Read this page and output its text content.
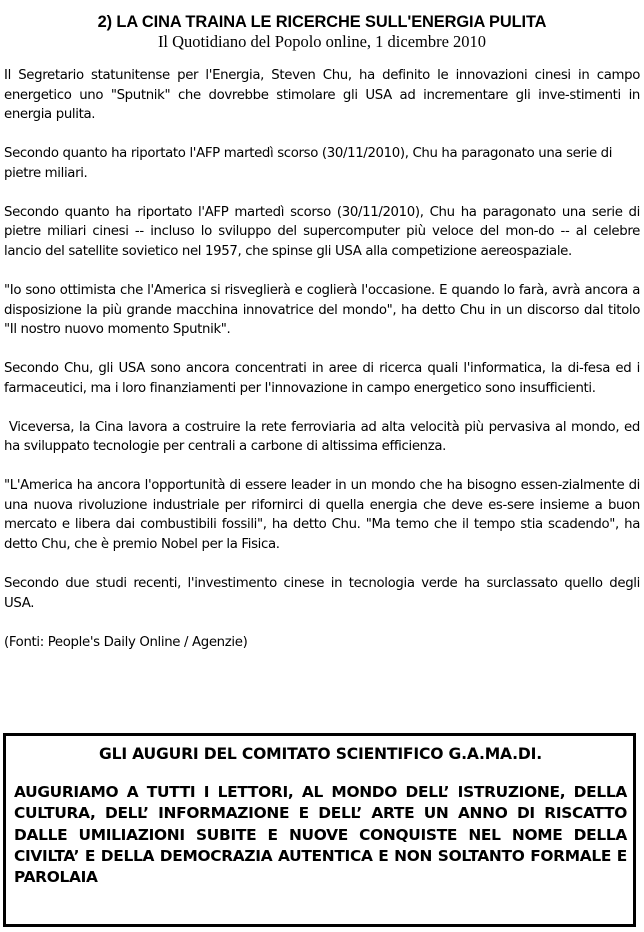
2) LA CINA TRAINA LE RICERCHE SULL'ENERGIA PULITA

Il Quotidiano del Popolo online, 1 dicembre 2010

Il Segretario statunitense per l'Energia, Steven Chu, ha definito le innovazioni cinesi in campo energetico uno "Sputnik" che dovrebbe stimolare gli USA ad incrementare gli inve-stimenti in energia pulita.

Secondo quanto ha riportato l'AFP martedì scorso (30/11/2010), Chu ha paragonato una serie di pietre miliari.

Secondo quanto ha riportato l'AFP martedì scorso (30/11/2010), Chu ha paragonato una serie di pietre miliari cinesi -- incluso lo sviluppo del supercomputer più veloce del mon-do -- al celebre lancio del satellite sovietico nel 1957, che spinse gli USA alla competizione aereospaziale.

"Io sono ottimista che l'America si risveglierà e coglierà l'occasione. E quando lo farà, avrà ancora a disposizione la più grande macchina innovatrice del mondo", ha detto Chu in un discorso dal titolo "Il nostro nuovo momento Sputnik".

Secondo Chu, gli USA sono ancora concentrati in aree di ricerca quali l'informatica, la di-fesa ed i farmaceutici, ma i loro finanziamenti per l'innovazione in campo energetico sono insufficienti.

Viceversa, la Cina lavora a costruire la rete ferroviaria ad alta velocità più pervasiva al mondo, ed ha sviluppato tecnologie per centrali a carbone di altissima efficienza.

"L'America ha ancora l'opportunità di essere leader in un mondo che ha bisogno essen-zialmente di una nuova rivoluzione industriale per rifornirci di quella energia che deve es-sere insieme a buon mercato e libera dai combustibili fossili", ha detto Chu. "Ma temo che il tempo stia scadendo", ha detto Chu, che è premio Nobel per la Fisica.

Secondo due studi recenti, l'investimento cinese in tecnologia verde ha surclassato quello degli USA.

(Fonti: People's Daily Online / Agenzie)

GLI AUGURI DEL COMITATO SCIENTIFICO G.A.MA.DI.

AUGURIAMO A TUTTI I LETTORI, AL MONDO DELL’ ISTRUZIONE, DELLA CULTURA, DELL’ INFORMAZIONE E DELL’ ARTE UN ANNO DI RISCATTO DALLE UMILIAZIONI SUBITE E NUOVE CONQUISTE NEL NOME DELLA CIVILTA’ E DELLA DEMOCRAZIA AUTENTICA E NON SOLTANTO FORMALE E PAROLAIA
